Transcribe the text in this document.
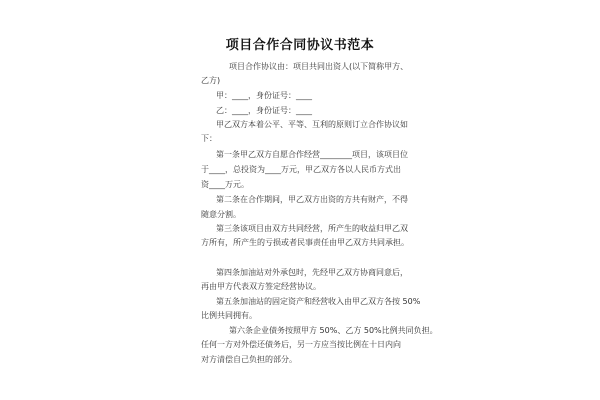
项目合作合同协议书范本
项目合作协议由：项目共同出资人(以下简称甲方、
乙方)
甲：____，身份证号：____
乙：____，身份证号：____
甲乙双方本着公平、平等、互利的原则订立合作协议如
下：
第一条甲乙双方自愿合作经营________项目，该项目位
于____，总投资为____万元，甲乙双方各以人民币方式出
资____万元。
第二条在合作期间，甲乙双方出资的方共有财产，不得
随意分割。
第三条该项目由双方共同经营，所产生的收益归甲乙双
方所有，所产生的亏损或者民事责任由甲乙双方共同承担。
第四条加油站对外承包时，先经甲乙双方协商同意后，
再由甲方代表双方签定经营协议。
第五条加油站的固定资产和经营收入由甲乙双方各按 50%
比例共同拥有。
第六条企业债务按照甲方 50%、乙方 50%比例共同负担。
任何一方对外偿还债务后，另一方应当按比例在十日内向
对方清偿自己负担的部分。
